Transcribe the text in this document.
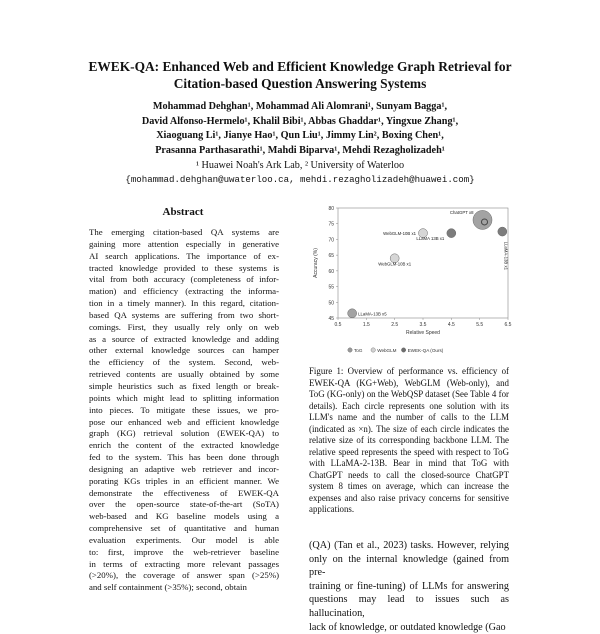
EWEK-QA: Enhanced Web and Efficient Knowledge Graph Retrieval for
Citation-based Question Answering Systems
Mohammad Dehghan¹, Mohammad Ali Alomrani¹, Sunyam Bagga¹,
David Alfonso-Hermelo¹, Khalil Bibi¹, Abbas Ghaddar¹, Yingxue Zhang¹,
Xiaoguang Li¹, Jianye Hao¹, Qun Liu¹, Jimmy Lin², Boxing Chen¹,
Prasanna Parthasarathi¹, Mahdi Biparva¹, Mehdi Rezagholizadeh¹
¹ Huawei Noah's Ark Lab, ² University of Waterloo
{mohammad.dehghan@uwaterloo.ca, mehdi.rezagholizadeh@huawei.com}
Abstract
The emerging citation-based QA systems are
gaining more attention especially in generative
AI search applications. The importance of ex-
tracted knowledge provided to these systems is
vital from both accuracy (completeness of infor-
mation) and efficiency (extracting the informa-
tion in a timely manner). In this regard, citation-
based QA systems are suffering from two short-
comings. First, they usually rely only on web
as a source of extracted knowledge and adding
other external knowledge sources can hamper
the efficiency of the system. Second, web-
retrieved contents are usually obtained by some
simple heuristics such as fixed length or break-
points which might lead to splitting information
into pieces. To mitigate these issues, we pro-
pose our enhanced web and efficient knowledge
graph (KG) retrieval solution (EWEK-QA) to
enrich the content of the extracted knowledge
fed to the system. This has been done through
designing an adaptive web retriever and incor-
porating KGs triples in an efficient manner. We
demonstrate the effectiveness of EWEK-QA
over the open-source state-of-the-art (SoTA)
web-based and KG baseline models using a
comprehensive set of quantitative and human
evaluation experiments. Our model is able
to: first, improve the web-retriever baseline
in terms of extracting more relevant passages
(>20%), the coverage of answer span (>25%)
and self containment (>35%); second, obtain
45
50
55
60
65
70
75
80
0.5	1.5	2.5	3.5	4.5	5.5	6.5
Relative Speed
Accuracy (%)
ChatGPT x8
WebGLM-10B x1
LLaMA 13B x1
WebGLM-10B x1
LLaMA-13B x5
LLaMA-13B x1
ToG	WebGLM EWEK-QA (Ours)
Figure 1: Overview of performance vs. efficiency of EWEK-QA (KG+Web), WebGLM (Web-only), and ToG (KG-only) on the WebQSP dataset (See Table 4 for details). Each circle represents one solution with its LLM's name and the number of calls to the LLM (indicated as ×n). The size of each circle indicates the relative size of its corresponding backbone LLM. The relative speed represents the speed with respect to ToG with LLaMA-2-13B. Bear in mind that ToG with ChatGPT needs to call the closed-source ChatGPT system 8 times on average, which can increase the expenses and also raise privacy concerns for sensitive applications.
(QA) (Tan et al., 2023) tasks. However, relying
only on the internal knowledge (gained from pre-
training or fine-tuning) of LLMs for answering
questions may lead to issues such as hallucination,
lack of knowledge, or outdated knowledge (Gao
